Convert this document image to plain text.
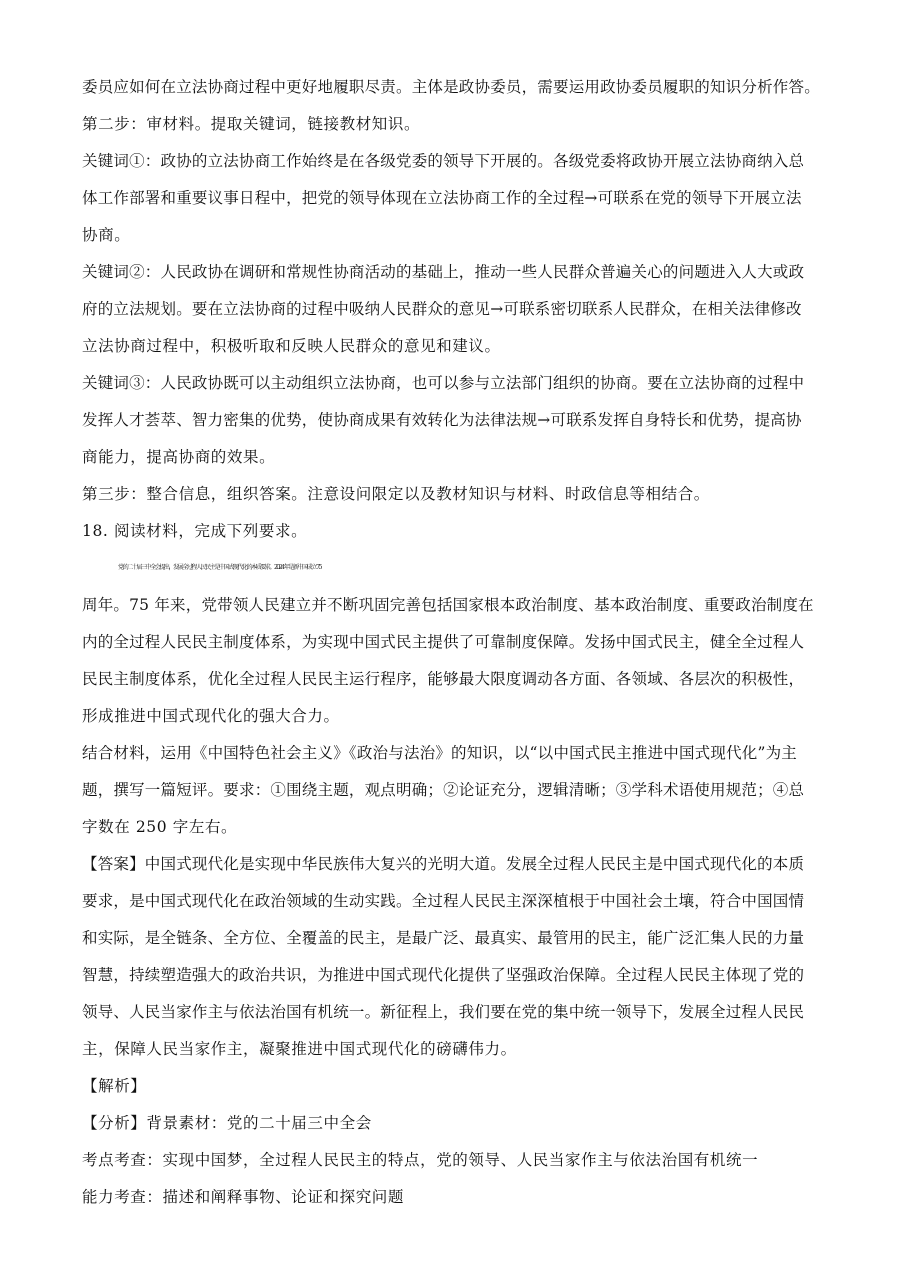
委员应如何在立法协商过程中更好地履职尽责。主体是政协委员，需要运用政协委员履职的知识分析作答。
第二步：审材料。提取关键词，链接教材知识。
关键词①：政协的立法协商工作始终是在各级党委的领导下开展的。各级党委将政协开展立法协商纳入总
体工作部署和重要议事日程中，把党的领导体现在立法协商工作的全过程→可联系在党的领导下开展立法
协商。
关键词②：人民政协在调研和常规性协商活动的基础上，推动一些人民群众普遍关心的问题进入人大或政
府的立法规划。要在立法协商的过程中吸纳人民群众的意见→可联系密切联系人民群众，在相关法律修改
立法协商过程中，积极听取和反映人民群众的意见和建议。
关键词③：人民政协既可以主动组织立法协商，也可以参与立法部门组织的协商。要在立法协商的过程中
发挥人才荟萃、智力密集的优势，使协商成果有效转化为法律法规→可联系发挥自身特长和优势，提高协
商能力，提高协商的效果。
第三步：整合信息，组织答案。注意设问限定以及教材知识与材料、时政信息等相结合。
18. 阅读材料，完成下列要求。
党的二十届三中全会提出，发展全过程人民民主是中国式现代化的本质要求。2024 年是新中国成立 75
周年。75 年来，党带领人民建立并不断巩固完善包括国家根本政治制度、基本政治制度、重要政治制度在
内的全过程人民民主制度体系，为实现中国式民主提供了可靠制度保障。发扬中国式民主，健全全过程人
民民主制度体系，优化全过程人民民主运行程序，能够最大限度调动各方面、各领域、各层次的积极性，
形成推进中国式现代化的强大合力。
结合材料，运用《中国特色社会主义》《政治与法治》的知识，以“以中国式民主推进中国式现代化”为主
题，撰写一篇短评。要求：①围绕主题，观点明确；②论证充分，逻辑清晰；③学科术语使用规范；④总
字数在 250 字左右。
【答案】中国式现代化是实现中华民族伟大复兴的光明大道。发展全过程人民民主是中国式现代化的本质
要求，是中国式现代化在政治领域的生动实践。全过程人民民主深深植根于中国社会土壤，符合中国国情
和实际，是全链条、全方位、全覆盖的民主，是最广泛、最真实、最管用的民主，能广泛汇集人民的力量
智慧，持续塑造强大的政治共识，为推进中国式现代化提供了坚强政治保障。全过程人民民主体现了党的
领导、人民当家作主与依法治国有机统一。新征程上，我们要在党的集中统一领导下，发展全过程人民民
主，保障人民当家作主，凝聚推进中国式现代化的磅礴伟力。
【解析】
【分析】背景素材：党的二十届三中全会
考点考查：实现中国梦，全过程人民民主的特点，党的领导、人民当家作主与依法治国有机统一
能力考查：描述和阐释事物、论证和探究问题
